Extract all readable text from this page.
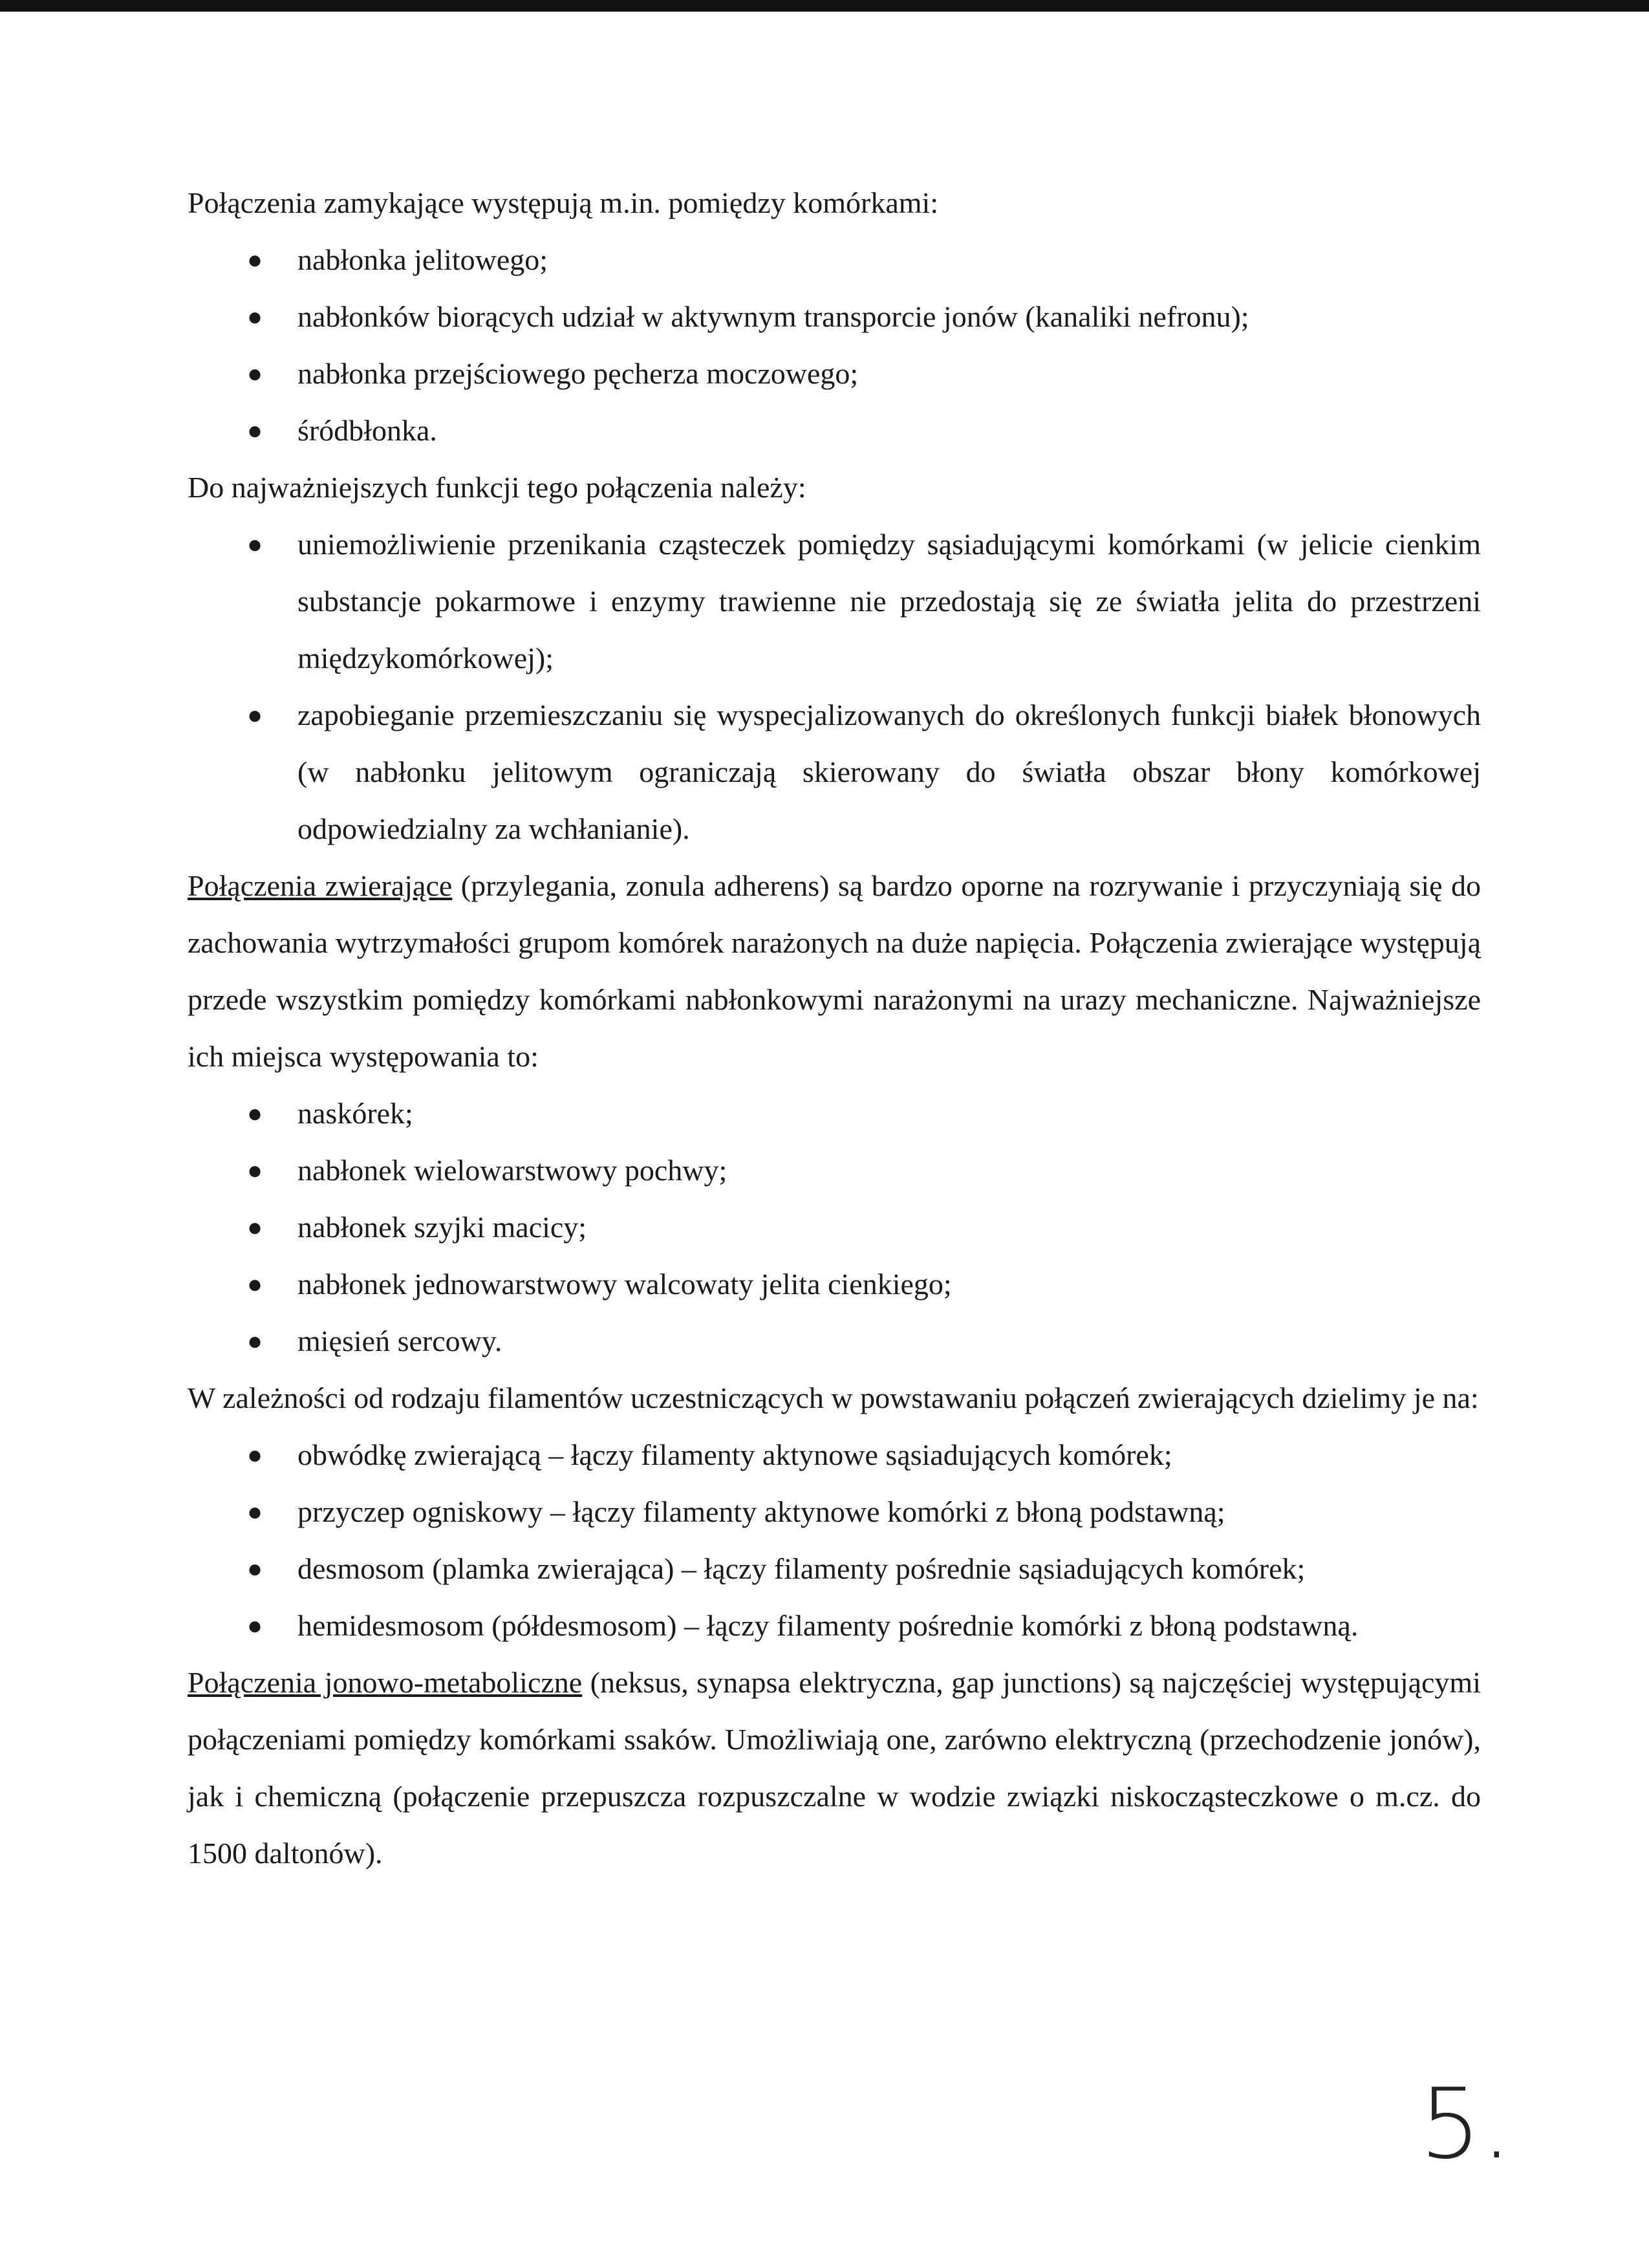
Połączenia zamykające występują m.in. pomiędzy komórkami:

● nabłonka jelitowego;
● nabłonków biorących udział w aktywnym transporcie jonów (kanaliki nefronu);
● nabłonka przejściowego pęcherza moczowego;
● śródbłonka.

Do najważniejszych funkcji tego połączenia należy:

● uniemożliwienie przenikania cząsteczek pomiędzy sąsiadującymi komórkami (w jelicie cienkim substancje pokarmowe i enzymy trawienne nie przedostają się ze światła jelita do przestrzeni międzykomórkowej);
● zapobieganie przemieszczaniu się wyspecjalizowanych do określonych funkcji białek błonowych (w nabłonku jelitowym ograniczają skierowany do światła obszar błony komórkowej odpowiedzialny za wchłanianie).

Połączenia zwierające (przylegania, zonula adherens) są bardzo oporne na rozrywanie i przyczyniają się do zachowania wytrzymałości grupom komórek narażonych na duże napięcia. Połączenia zwierające występują przede wszystkim pomiędzy komórkami nabłonkowymi narażonymi na urazy mechaniczne. Najważniejsze ich miejsca występowania to:

● naskórek;
● nabłonek wielowarstwowy pochwy;
● nabłonek szyjki macicy;
● nabłonek jednowarstwowy walcowaty jelita cienkiego;
● mięsień sercowy.

W zależności od rodzaju filamentów uczestniczących w powstawaniu połączeń zwierających dzielimy je na:

● obwódkę zwierającą – łączy filamenty aktynowe sąsiadujących komórek;
● przyczep ogniskowy – łączy filamenty aktynowe komórki z błoną podstawną;
● desmosom (plamka zwierająca) – łączy filamenty pośrednie sąsiadujących komórek;
● hemidesmosom (półdesmosom) – łączy filamenty pośrednie komórki z błoną podstawną.

Połączenia jonowo-metaboliczne (neksus, synapsa elektryczna, gap junctions) są najczęściej występującymi połączeniami pomiędzy komórkami ssaków. Umożliwiają one, zarówno elektryczną (przechodzenie jonów), jak i chemiczną (połączenie przepuszcza rozpuszczalne w wodzie związki niskocząsteczkowe o m.cz. do 1500 daltonów).

5.
